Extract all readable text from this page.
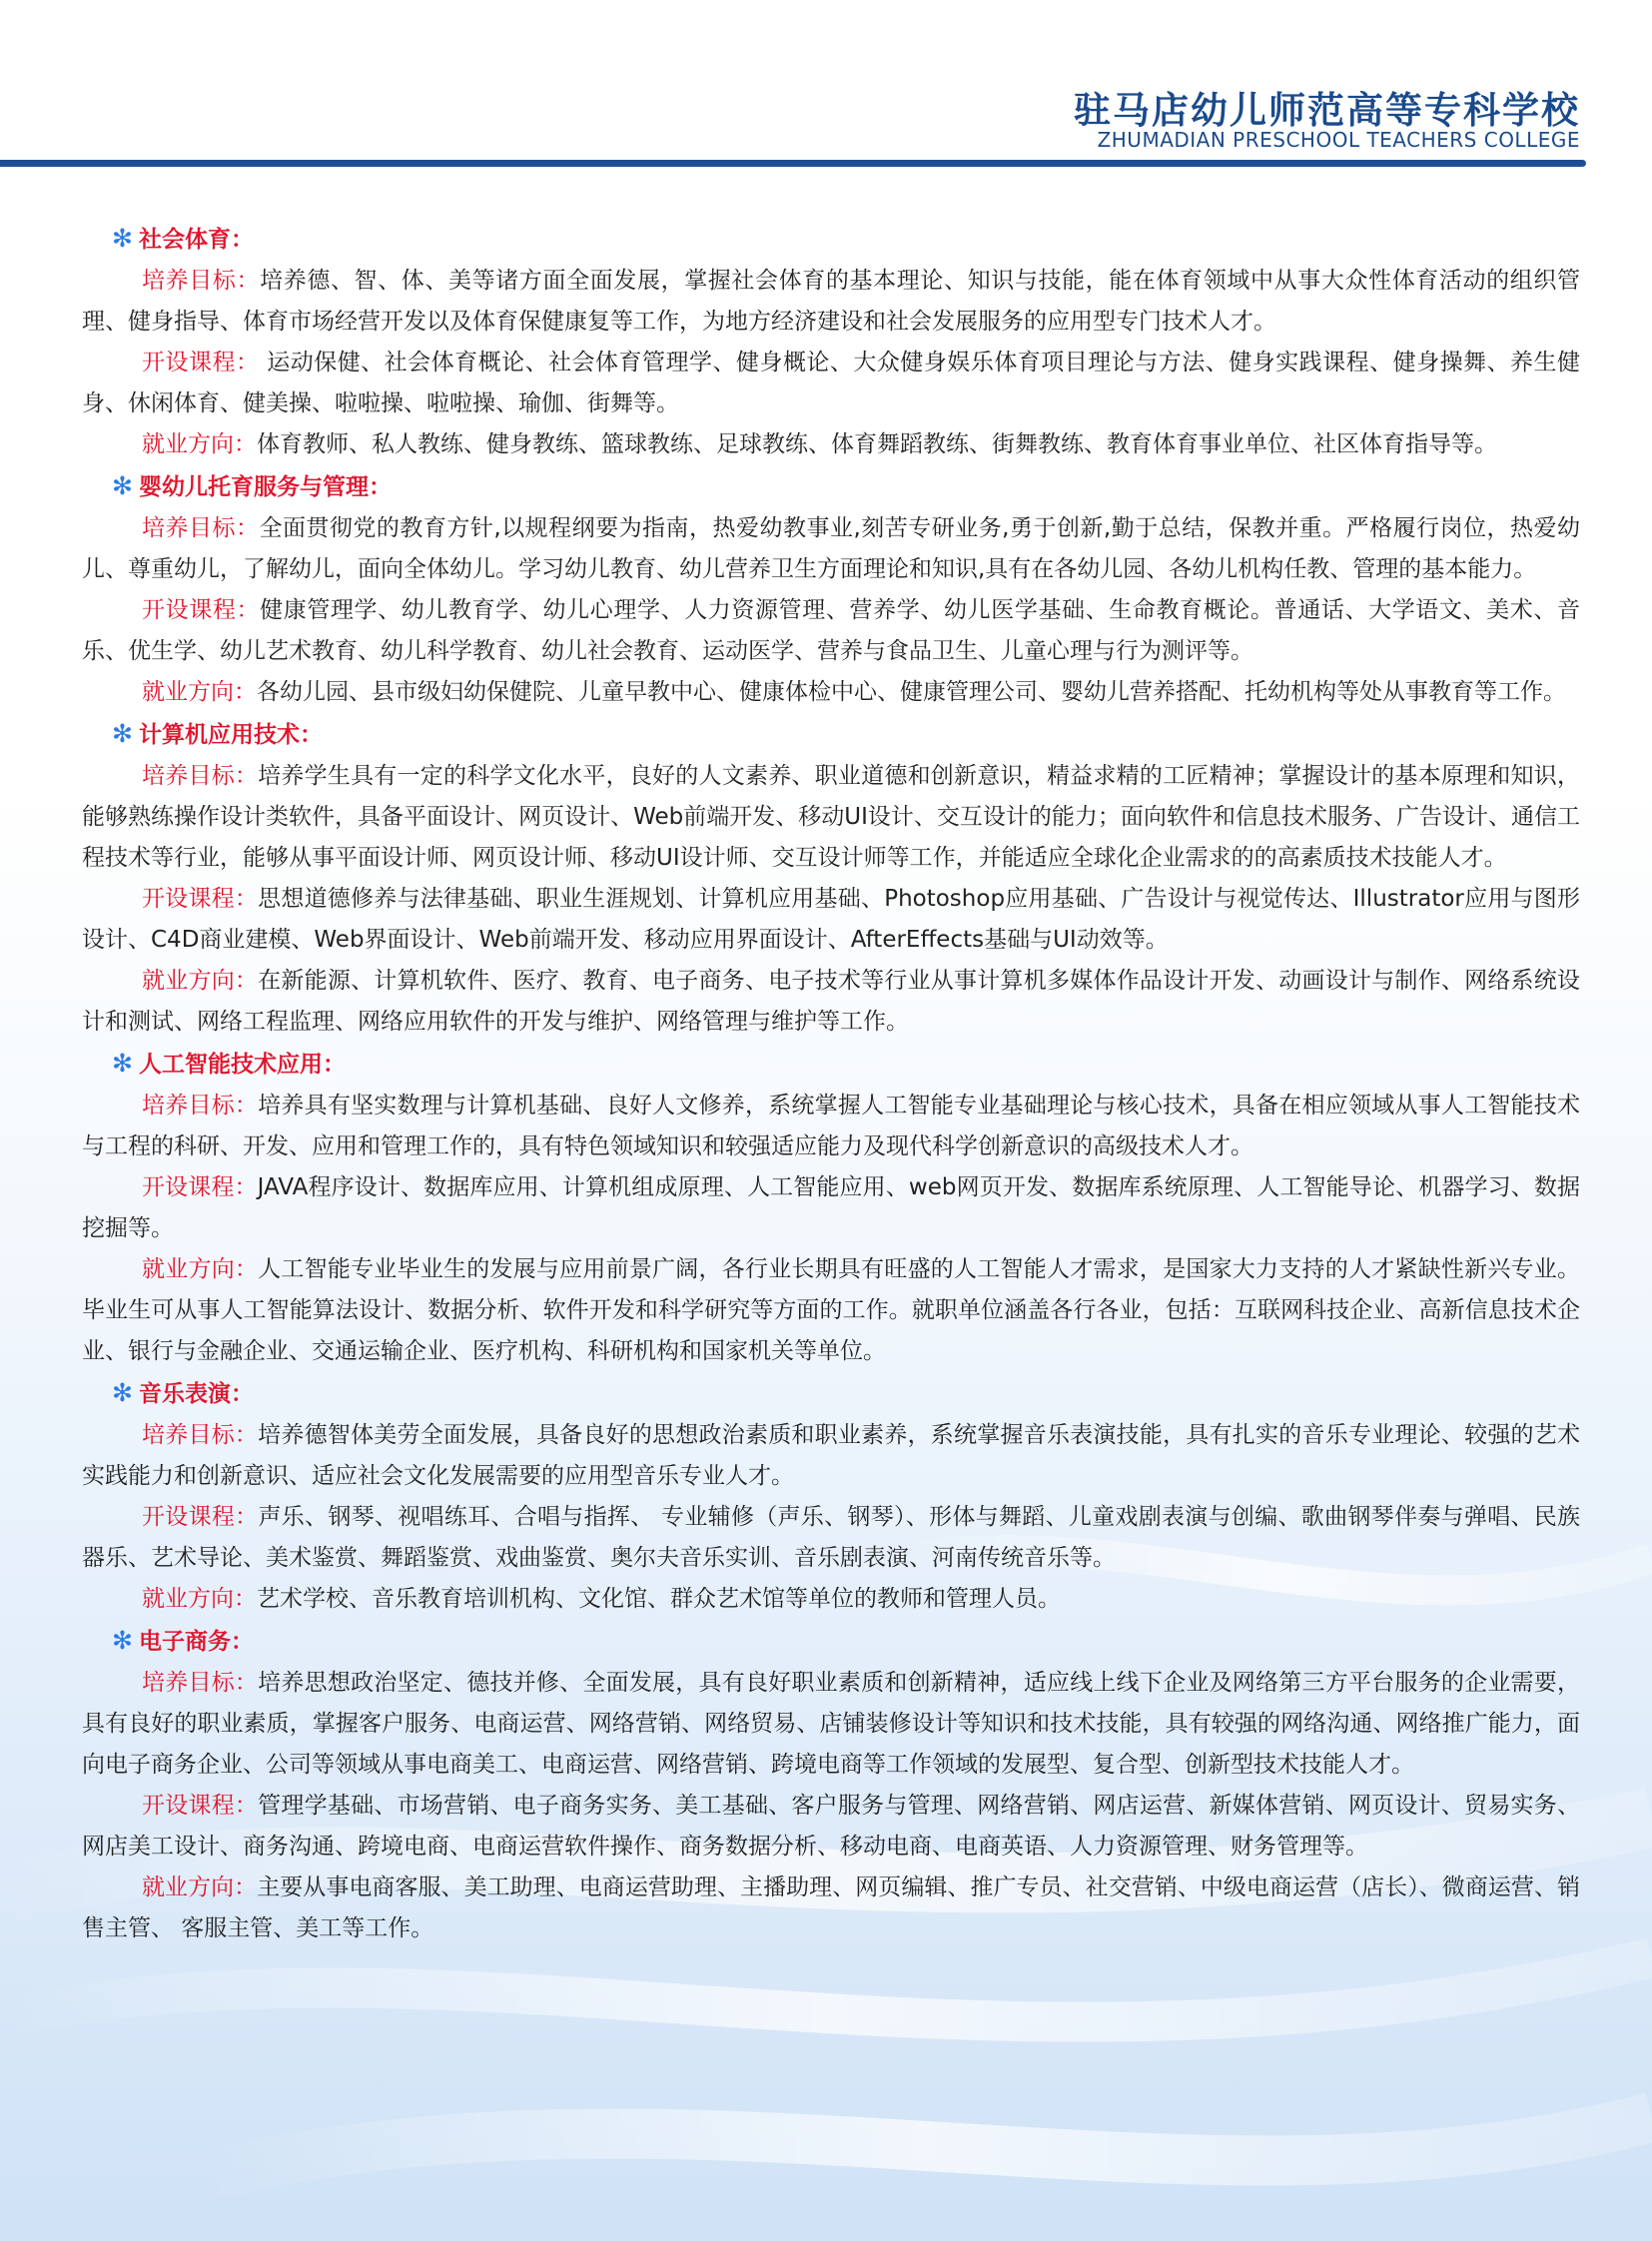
驻马店幼儿师范高等专科学校
ZHUMADIAN PRESCHOOL TEACHERS COLLEGE
✻ 社会体育：
培养目标：培养德、智、体、美等诸方面全面发展，掌握社会体育的基本理论、知识与技能，能在体育领域中从事大众性体育活动的组织管理、健身指导、体育市场经营开发以及体育保健康复等工作，为地方经济建设和社会发展服务的应用型专门技术人才。
开设课程： 运动保健、社会体育概论、社会体育管理学、健身概论、大众健身娱乐体育项目理论与方法、健身实践课程、健身操舞、养生健身、休闲体育、健美操、啦啦操、啦啦操、瑜伽、街舞等。
就业方向：体育教师、私人教练、健身教练、篮球教练、足球教练、体育舞蹈教练、街舞教练、教育体育事业单位、社区体育指导等。
✻ 婴幼儿托育服务与管理：
培养目标：全面贯彻党的教育方针,以规程纲要为指南，热爱幼教事业,刻苦专研业务,勇于创新,勤于总结，保教并重。严格履行岗位，热爱幼儿、尊重幼儿，了解幼儿，面向全体幼儿。学习幼儿教育、幼儿营养卫生方面理论和知识,具有在各幼儿园、各幼儿机构任教、管理的基本能力。
开设课程：健康管理学、幼儿教育学、幼儿心理学、人力资源管理、营养学、幼儿医学基础、生命教育概论。普通话、大学语文、美术、音乐、优生学、幼儿艺术教育、幼儿科学教育、幼儿社会教育、运动医学、营养与食品卫生、儿童心理与行为测评等。
就业方向：各幼儿园、县市级妇幼保健院、儿童早教中心、健康体检中心、健康管理公司、婴幼儿营养搭配、托幼机构等处从事教育等工作。
✻ 计算机应用技术：
培养目标：培养学生具有一定的科学文化水平，良好的人文素养、职业道德和创新意识，精益求精的工匠精神；掌握设计的基本原理和知识，能够熟练操作设计类软件，具备平面设计、网页设计、Web前端开发、移动UI设计、交互设计的能力；面向软件和信息技术服务、广告设计、通信工程技术等行业，能够从事平面设计师、网页设计师、移动UI设计师、交互设计师等工作，并能适应全球化企业需求的的高素质技术技能人才。
开设课程：思想道德修养与法律基础、职业生涯规划、计算机应用基础、Photoshop应用基础、广告设计与视觉传达、Illustrator应用与图形设计、C4D商业建模、Web界面设计、Web前端开发、移动应用界面设计、AfterEffects基础与UI动效等。
就业方向：在新能源、计算机软件、医疗、教育、电子商务、电子技术等行业从事计算机多媒体作品设计开发、动画设计与制作、网络系统设计和测试、网络工程监理、网络应用软件的开发与维护、网络管理与维护等工作。
✻ 人工智能技术应用：
培养目标：培养具有坚实数理与计算机基础、良好人文修养，系统掌握人工智能专业基础理论与核心技术，具备在相应领域从事人工智能技术与工程的科研、开发、应用和管理工作的，具有特色领域知识和较强适应能力及现代科学创新意识的高级技术人才。
开设课程：JAVA程序设计、数据库应用、计算机组成原理、人工智能应用、web网页开发、数据库系统原理、人工智能导论、机器学习、数据挖掘等。
就业方向：人工智能专业毕业生的发展与应用前景广阔，各行业长期具有旺盛的人工智能人才需求，是国家大力支持的人才紧缺性新兴专业。毕业生可从事人工智能算法设计、数据分析、软件开发和科学研究等方面的工作。就职单位涵盖各行各业，包括：互联网科技企业、高新信息技术企业、银行与金融企业、交通运输企业、医疗机构、科研机构和国家机关等单位。
✻ 音乐表演：
培养目标：培养德智体美劳全面发展，具备良好的思想政治素质和职业素养，系统掌握音乐表演技能，具有扎实的音乐专业理论、较强的艺术实践能力和创新意识、适应社会文化发展需要的应用型音乐专业人才。
开设课程：声乐、钢琴、视唱练耳、合唱与指挥、 专业辅修（声乐、钢琴）、形体与舞蹈、儿童戏剧表演与创编、歌曲钢琴伴奏与弹唱、民族器乐、艺术导论、美术鉴赏、舞蹈鉴赏、戏曲鉴赏、奥尔夫音乐实训、音乐剧表演、河南传统音乐等。
就业方向：艺术学校、音乐教育培训机构、文化馆、群众艺术馆等单位的教师和管理人员。
✻ 电子商务：
培养目标：培养思想政治坚定、德技并修、全面发展，具有良好职业素质和创新精神，适应线上线下企业及网络第三方平台服务的企业需要，具有良好的职业素质，掌握客户服务、电商运营、网络营销、网络贸易、店铺装修设计等知识和技术技能，具有较强的网络沟通、网络推广能力，面向电子商务企业、公司等领域从事电商美工、电商运营、网络营销、跨境电商等工作领域的发展型、复合型、创新型技术技能人才。
开设课程：管理学基础、市场营销、电子商务实务、美工基础、客户服务与管理、网络营销、网店运营、新媒体营销、网页设计、贸易实务、网店美工设计、商务沟通、跨境电商、电商运营软件操作、商务数据分析、移动电商、电商英语、人力资源管理、财务管理等。
就业方向：主要从事电商客服、美工助理、电商运营助理、主播助理、网页编辑、推广专员、社交营销、中级电商运营（店长）、微商运营、销售主管、 客服主管、美工等工作。
